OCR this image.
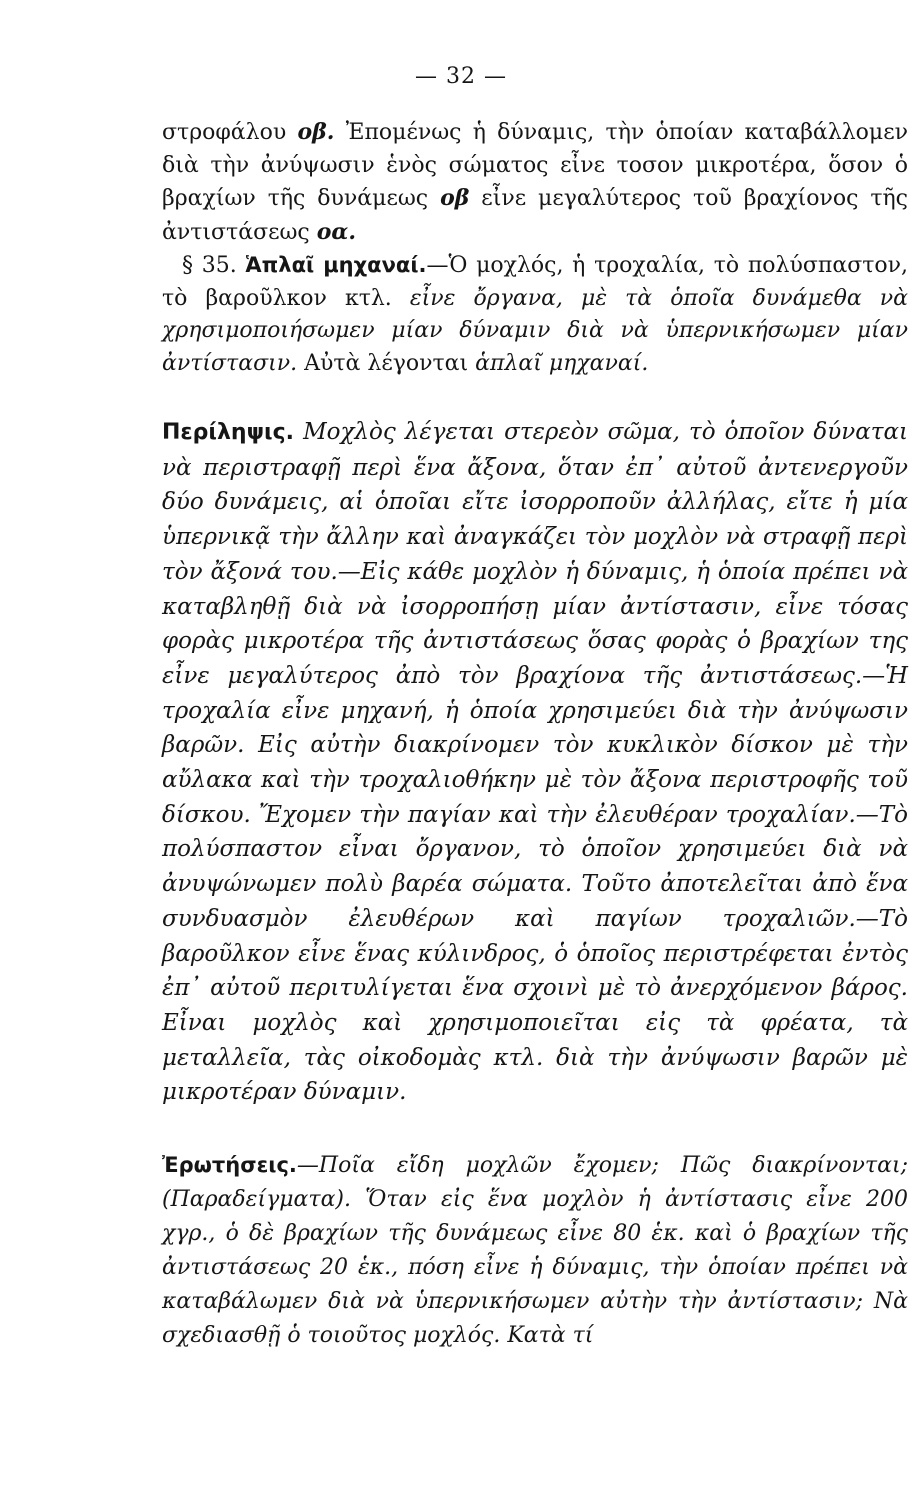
— 32 —
στροφάλου οβ. Ἐπομένως ἡ δύναμις, τὴν ὁποίαν καταβάλλομεν διὰ τὴν ἀνύψωσιν ἑνὸς σώματος εἶνε τοσον μικροτέρα, ὅσον ὁ βραχίων τῆς δυνάμεως οβ εἶνε μεγαλύτερος τοῦ βραχίονος τῆς ἀντιστάσεως οα.
§ 35. Ἁπλαῖ μηχαναί.—Ὁ μοχλός, ἡ τροχαλία, τὸ πολύσπαστον, τὸ βαροῦλκον κτλ. εἶνε ὄργανα, μὲ τὰ ὁποῖα δυνάμεθα νὰ χρησιμοποιήσωμεν μίαν δύναμιν διὰ νὰ ὑπερνικήσωμεν μίαν ἀντίστασιν. Αὐτὰ λέγονται ἁπλαῖ μηχαναί.
Περίληψις. Μοχλὸς λέγεται στερεὸν σῶμα, τὸ ὁποῖον δύναται νὰ περιστραφῇ περὶ ἕνα ἄξονα, ὅταν ἐπ᾽ αὐτοῦ ἀντενεργοῦν δύο δυνάμεις, αἱ ὁποῖαι εἴτε ἰσορροποῦν ἀλλήλας, εἴτε ἡ μία ὑπερνικᾷ τὴν ἄλλην καὶ ἀναγκάζει τὸν μοχλὸν νὰ στραφῇ περὶ τὸν ἄξονά του.—Εἰς κάθε μοχλὸν ἡ δύναμις, ἡ ὁποία πρέπει νὰ καταβληθῇ διὰ νὰ ἰσορροπήσῃ μίαν ἀντίστασιν, εἶνε τόσας φορὰς μικροτέρα τῆς ἀντιστάσεως ὅσας φορὰς ὁ βραχίων της εἶνε μεγαλύτερος ἀπὸ τὸν βραχίονα τῆς ἀντιστάσεως.—Ἡ τροχαλία εἶνε μηχανή, ἡ ὁποία χρησιμεύει διὰ τὴν ἀνύψωσιν βαρῶν. Εἰς αὐτὴν διακρίνομεν τὸν κυκλικὸν δίσκον μὲ τὴν αὔλακα καὶ τὴν τροχαλιοθήκην μὲ τὸν ἄξονα περιστροφῆς τοῦ δίσκου. Ἔχομεν τὴν παγίαν καὶ τὴν ἐλευθέραν τροχαλίαν.—Τὸ πολύσπαστον εἶναι ὄργανον, τὸ ὁποῖον χρησιμεύει διὰ νὰ ἀνυψώνωμεν πολὺ βαρέα σώματα. Τοῦτο ἀποτελεῖται ἀπὸ ἕνα συνδυασμὸν ἐλευθέρων καὶ παγίων τροχαλιῶν.—Τὸ βαροῦλκον εἶνε ἕνας κύλινδρος, ὁ ὁποῖος περιστρέφεται ἐντὸς ἐπ᾽ αὐτοῦ περιτυλίγεται ἕνα σχοινὶ μὲ τὸ ἀνερχόμενον βάρος. Εἶναι μοχλὸς καὶ χρησιμοποιεῖται εἰς τὰ φρέατα, τὰ μεταλλεῖα, τὰς οἰκοδομὰς κτλ. διὰ τὴν ἀνύψωσιν βαρῶν μὲ μικροτέραν δύναμιν.
Ἐρωτήσεις.—Ποῖα εἴδη μοχλῶν ἔχομεν; Πῶς διακρίνονται; (Παραδείγματα). Ὅταν εἰς ἕνα μοχλὸν ἡ ἀντίστασις εἶνε 200 χγρ., ὁ δὲ βραχίων τῆς δυνάμεως εἶνε 80 ἑκ. καὶ ὁ βραχίων τῆς ἀντιστάσεως 20 ἑκ., πόση εἶνε ἡ δύναμις, τὴν ὁποίαν πρέπει νὰ καταβάλωμεν διὰ νὰ ὑπερνικήσωμεν αὐτὴν τὴν ἀντίστασιν; Νὰ σχεδιασθῇ ὁ τοιοῦτος μοχλός. Κατὰ τί
